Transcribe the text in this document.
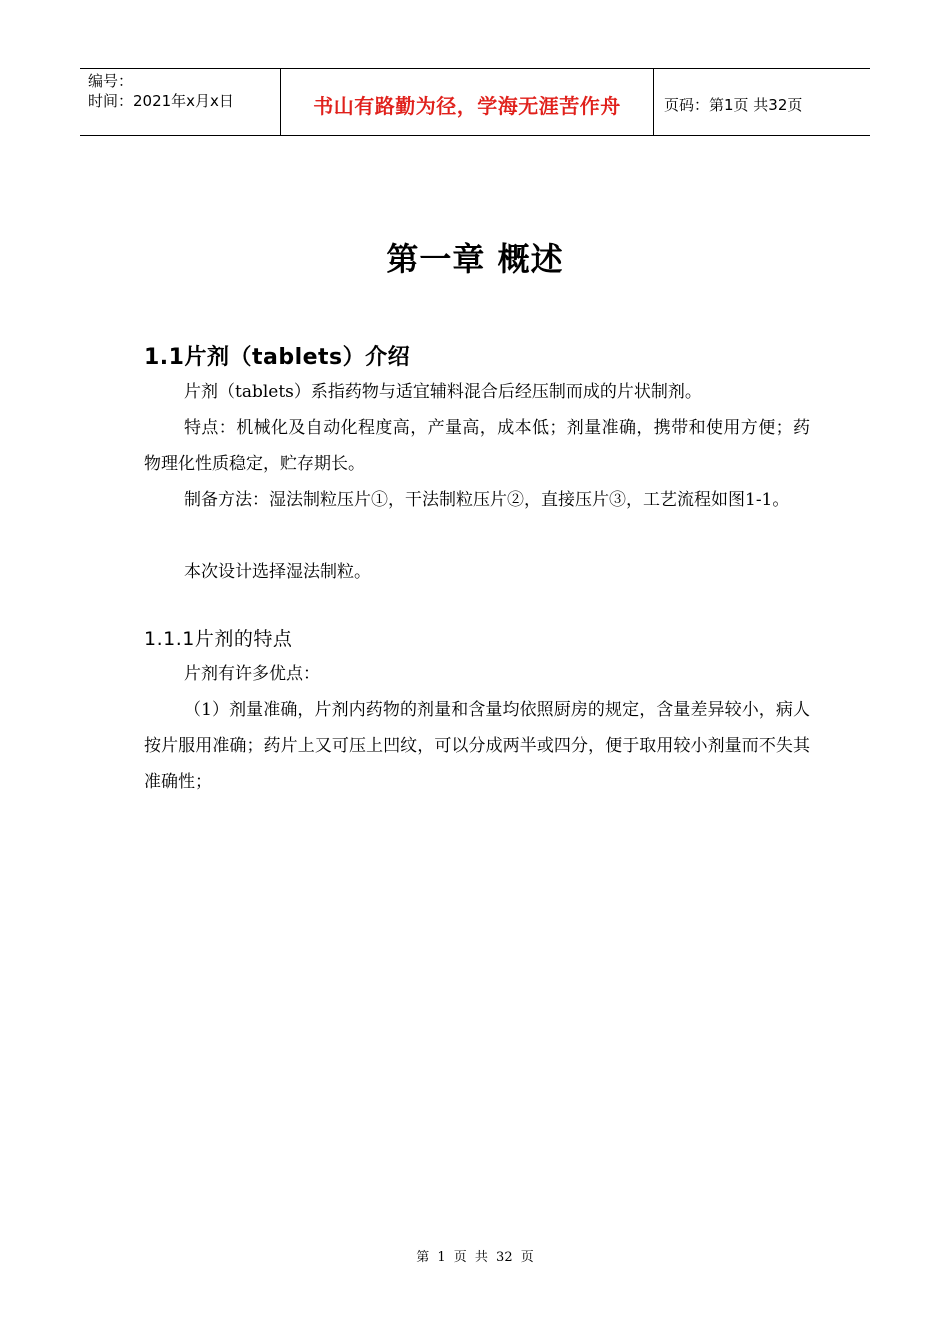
编号：
时间：2021年x月x日	书山有路勤为径，学海无涯苦作舟	页码：第1页 共32页
第一章 概述
1.1片剂（tablets）介绍

片剂（tablets）系指药物与适宜辅料混合后经压制而成的片状制剂。

特点：机械化及自动化程度高，产量高，成本低；剂量准确，携带和使用方便；药物理化性质稳定，贮存期长。

制备方法：湿法制粒压片①，干法制粒压片②，直接压片③，工艺流程如图1-1。

本次设计选择湿法制粒。

1.1.1片剂的特点

片剂有许多优点：

（1）剂量准确，片剂内药物的剂量和含量均依照厨房的规定，含量差异较小，病人按片服用准确；药片上又可压上凹纹，可以分成两半或四分，便于取用较小剂量而不失其准确性；

第 1 页 共 32 页
